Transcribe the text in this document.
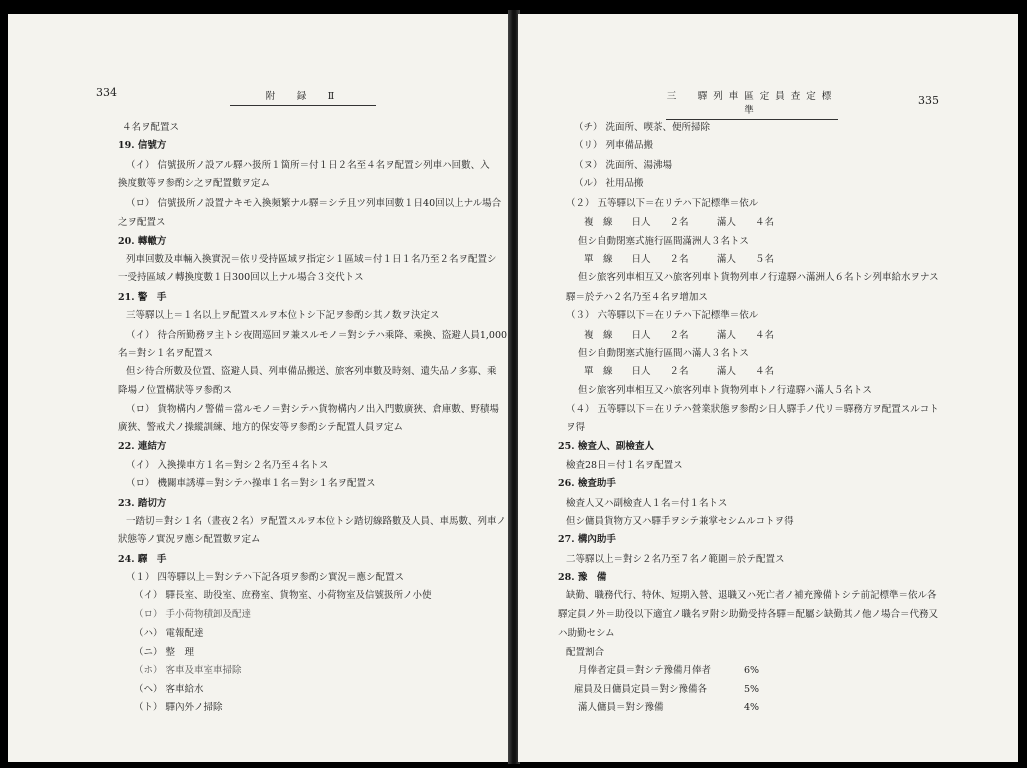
334	附　録　Ⅱ
４名ヲ配置ス
19. 信號方
（イ） 信號扱所ノ設アル驛ハ扱所１箇所＝付１日２名至４名ヲ配置シ列車ハ回數、入
換度數等ヲ参酌シ之ヲ配置數ヲ定ム
（ロ） 信號扱所ノ設置ナキモ入換頻繁ナル驛＝シテ且ツ列車回數１日40回以上ナル場合
之ヲ配置ス
20. 轉轍方
列車回數及車輛入換實況＝依リ受持區域ヲ指定シ１區域＝付１日１名乃至２名ヲ配置シ
一受持區域ノ轉換度數１日300回以上ナル場合３交代トス
21. 警　手
三等驛以上＝１名以上ヲ配置スルヲ本位トシ下記ヲ参酌シ其ノ数ヲ決定ス
（イ） 待合所勤務ヲ主トシ夜間巡回ヲ兼スルモノ＝對シテハ乘降、乘換、盜避人員1,000
名＝對シ１名ヲ配置ス
但シ待合所數及位置、盜避人員、列車備品搬送、旅客列車數及時刻、遺失品ノ多寡、乘
降場ノ位置構狀等ヲ参酌ス
（ロ） 貨物構内ノ警備＝當ルモノ＝對シテハ貨物構内ノ出入門數廣狹、倉庫數、野積場
廣狹、警戒犬ノ操縱訓練、地方的保安等ヲ参酌シテ配置人員ヲ定ム
22. 連結方
（イ） 入換操車方１名＝對シ２名乃至４名トス
（ロ） 機關車誘導＝對シテハ操車１名＝對シ１名ヲ配置ス
23. 踏切方
一踏切＝對シ１名（晝夜２名）ヲ配置スルヲ本位トシ踏切線路數及人員、車馬數、列車ノ
狀態等ノ實況ヲ應シ配置數ヲ定ム
24. 驛　手
（１） 四等驛以上＝對シテハ下記各項ヲ参酌シ實況＝應シ配置ス
（イ） 驛長室、助役室、庶務室、貨物室、小荷物室及信號扱所ノ小使
（ロ） 手小荷物積卸及配達
（ハ） 電報配達
（ニ） 整　理
（ホ） 客車及車室車掃除
（ヘ） 客車給水
（ト） 驛內外ノ掃除
三　驛列車區定員查定標準
335
（チ） 洗面所、喫茶、便所掃除
（リ） 列車備品搬
（ヌ） 洗面所、湯沸場
（ル） 社用品搬
（２） 五等驛以下＝在リテハ下記標準＝依ル
複　線　　日人　　２名　　　滿人　　４名
但シ自動閉塞式施行區間滿洲人３名トス
單　線　　日人　　２名　　　滿人　　５名
但シ旅客列車相互又ハ旅客列車ト貨物列車ノ行違驛ハ滿洲人６名トシ列車給水ヲナス
驛＝於テハ２名乃至４名ヲ增加ス
（３） 六等驛以下＝在リテハ下記標準＝依ル
複　線　　日人　　２名　　　滿人　　４名
但シ自動閉塞式施行區間ハ滿人３名トス
單　線　　日人　　２名　　　滿人　　４名
但シ旅客列車相互又ハ旅客列車ト貨物列車トノ行違驛ハ滿人５名トス
（４） 五等驛以下＝在リテハ營業狀態ヲ参酌シ日人驛手ノ代リ＝驛務方ヲ配置スルコト
ヲ得
25. 檢査人、副檢査人
檢査28日＝付１名ヲ配置ス
26. 檢査助手
檢査人又ハ副檢査人１名＝付１名トス
但シ傭員貨物方又ハ驛手ヲシテ兼掌セシムルコトヲ得
27. 構內助手
二等驛以上＝對シ２名乃至７名ノ範圍＝於テ配置ス
28. 豫　備
缺勤、職務代行、特休、短期入營、退職又ハ死亡者ノ補充豫備トシテ前記標準＝依ル各
驛定員ノ外＝助役以下適宜ノ職名ヲ附シ助勤受持各驛＝配屬シ缺勤其ノ他ノ場合＝代務又
ハ助勤セシム
配置割合
月俸者定員＝對シテ豫備月俸者
雇員及日傭員定員＝對シ豫備各
滿人傭員＝對シ豫備
6%
5%
4%
